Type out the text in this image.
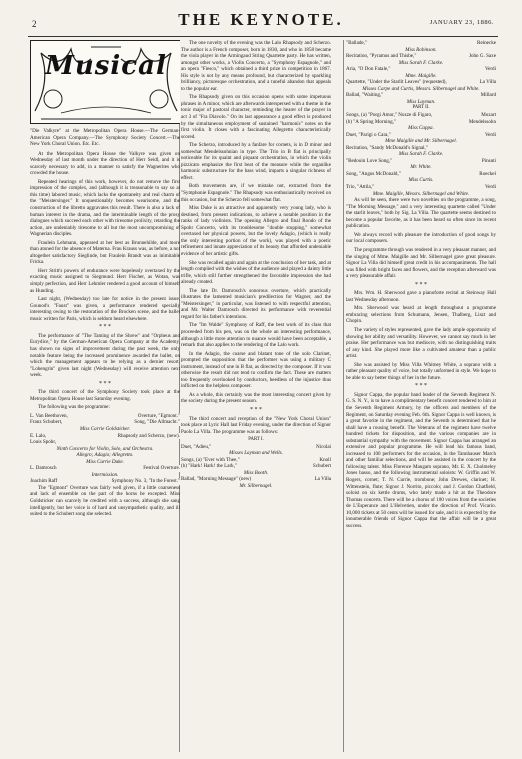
2	THE KEYNOTE.	JANUARY 23, 1886.
Musical

"Die Valkyre" at the Metropolitan Opera House.—The German-American Opera Company.—The Symphony Society Concert.—The New York Choral Union. Etc. Etc.

At the Metropolitan Opera House the Valkyre was given on Wednesday of last month under the direction of Herr Seidl, and it is scarcely necessary to add, in a manner to satisfy the Wagnerites who crowded the house.

Repeated hearings of this work, however, do not remove the first impression of the complex, and (although it is treasonable to say so at this time) labored music, which lacks the spontaneity and real charm of the "Meistersinger." It unquestionably becomes wearisome, and the construction of the libretto aggravates this result. There is also a lack of human interest in the drama, and the interminable length of the prosy dialogues which succeed each other with tiresome prolixity, retarding the action, are undeniably tiresome to all but the most uncompromising of Wagnerian disciples.

Fraulein Lehmann, appeared at her best as Brunnehilde, and more than atoned for the absence of Materna. Frau Krauss was, as before, a not altogether satisfactory Sieglinde, but Fraulein Brandt was as inimitable Fricka.

Herr Stritt's powers of endurance were hopelessly overtaxed by the exacting music assigned to Siegmund. Herr Fischer, as Wotan, was simply perfection, and Herr Lehmler rendered a good account of himself as Hunding.

Last night, (Wednesday) too late for notice in the present issue, Gounod's "Faust" was given, a performance rendered specially interesting owing to the restoration of the Brocken scene, and the ballet music written for Paris, which is seldom heard elsewhere.

* * *

The performance of "The Taming of the Shrew" and "Orpheus and Eurydice," by the German-American Opera Company at the Academy, has shown no signs of improvement during the past week, the only notable feature being the increased prominence awarded the ballet, on which the management appears to be relying as a dernier resort. "Lohengrin" given last night (Wednesday) will receive attention next week.

* * *

The third concert of the Symphony Society took place at the Metropolitan Opera House last Saturday evening.

The following was the programme:

L. Van Beethoven,	Overture, "Egmont."
Franz Schubert,	Song, "Die Allmacht."
Miss Carrie Goldsticker.
E. Lalo,	Rhapsody and Scherzo, (new).
Louis Spohr,
Ninth Concerto for Violin, Solo, and Orchestra.
Allegro; Adagio; Allegretto.
Miss Currie Duke.
L. Damrosch	Festival Overture.
Intermission.
Joachim Raff	Symphony No. 3, "In the Forest."

The "Egmont" Overture was fairly well given, if a little coarseness and lack of ensemble on the part of the horns be excepted. Miss Goldsticker can scarcely be credited with a success, although she sang intelligently, but her voice is of hard and unsympathetic quality, and ill suited to the Schubert song she selected.

The one novelty of the evening was the Lalo Rhapsody and Scherzo. The author is a French composer, born in 1830, and who in 1858 became the viola player in the Armingaud String Quartette party. He has written, amongst other works, a Violin Concerto, a "Symphony Espagnole," and an opera "Fiesco," which obtained a third prize in competition in 1867. His style is not by any means profound, but characterized by sparkling brilliancy, picturesque orchestration, and a tuneful abandon that appeals to the popular ear.

The Rhapsody given on this occasion opens with some impetuous phrases in A minor, which are afterwards interspersed with a theme in the tonic major of pastoral character, reminding the hearer of the prayer in act 3 of "Fra Diavolo." On its last appearance a good effect is produced by the simultaneous employment of sustained "harmonic" notes on the first violin. It closes with a fascinating Allegretto characteristically scored.

The Scherzo, introduced by a fanfare for cornets, is in D minor and somewhat Mendelssohnian in type. The Trio in B flat is principally noticeable for its quaint and piquant orchestration, in which the violin pizzicato emphasize the first beat of the measure while the organlike harmonic substructure for the bass wind, imparts a singular richness of effect.

Both movements are, if we mistake not, extracted from the "Symphonie Espagnole." The Rhapsody was enthusiastically received on this occasion, but the Scherzo fell somewhat flat.

Miss Duke is an attractive and apparently very young lady, who is destined, from present indications, to achieve a notable position in the ranks of lady violinists. The opening Allegro and final Rondo of the Spohr Concerto, with its troublesome "double stopping," somewhat overtaxed her physical powers, but the lovely Adagio, (which is really the only interesting portion of the work), was played with a poetic refinement and innate appreciation of its beauty that afforded undeniable evidence of her artistic gifts.

She was recalled again and again at the conclusion of her task, and at length complied with the wishes of the audience and played a dainty little trifle, which still further strengthened the favorable impression she had already created.

The late Dr. Damrosch's sonorous overture, which practically illustrates the lamented musician's predilection for Wagner, and the "Meistersinger," in particular, was listened to with respectful attention, and Mr. Walter Damrosch directed its performance with reverential regard for his father's intentions.

The "Im Walde" Symphony of Raff, the best work of its class that proceeded from his pen, was on the whole an interesting performance, although a little more attention to nuance would have been acceptable, a remark that also applies to the rendering of the Lalo work.

In the Adagio, the coarse and blatant tone of the solo Clarinet, prompted the supposition that the performer was using a military C instrument, instead of one in B flat, as directed by the composer. If it was otherwise the result did not tend to confirm the fact. These are matters too frequently overlooked by conductors, heedless of the injustice thus inflicted on the helpless composer.

As a whole, this certainly was the most interesting concert given by the society during the present season.

* * *

The third concert and reception of the "New York Choral Union" took place at Lyric Hall last Friday evening, under the direction of Signor Paolo La Villa. The programme was as follows:

PART I.
Duet, "Adieu,"	Nicolai
Misses Layman and Wells.
Songs, (a) "Ever with Thee,"	Knoll
(b) "Hark! Hark! the Lark,"	Schubert
Miss Booth.
Ballad, "Morning Message" (new)	La Villa
Mr. Silbernagel.
"Ballade,"	Reinecke
Miss Robinson.
Recitation, "Pyramus and Thisbe,"	John G. Saxe
Miss Sarah F. Clarke.
Aria, "O Don Fatale,"	Verdi
Mme. Maigille.
Quartette, "Under the Starlit Leaves" (requested),	La Villa
Misses Carpe and Curtis, Messrs. Silbernagel and White.
Ballad, "Waiting,"	Millard
Miss Layman.
PART II.
Songs, (a) "Porgi Amor," Nozze di Figaro,	Mozart
(b) "A Spring Morning,"	Mendelssohn
Miss Cappa.
Duet, "Parigi o Cara,"	Verdi
Mme Maigille and Mr. Silbernagel.
Recitation, "Sandy McDonald's Signal,"
Miss Sarah F. Clarke.
"Bedouin Love Song,"	Pinsuti
Mr. White.
Song, "Angus McDonald,"	Roeckel
Miss Curtis.
Trio, "Attila,"	Verdi
Mme. Maigille, Messrs. Silbernagel and White.

As will be seen, there were two novelties on the programme, a song, "The Morning Message," and a very interesting quartette called "Under the starlit leaves," both by Sig. La Villa. The quartette seems destined to become a popular favorite, as it has been heard so often since its recent publication.

We always record with pleasure the introduction of good songs by our local composers.

The programme through was rendered in a very pleasant manner, and the singing of Mme. Maigille and Mr. Silbernagel gave great pleasure. Signor La Villa did himself great credit in his accompaniments. The hall was filled with bright faces and flowers, and the reception afterward was a very pleasurable affair.

* * *

Mrs. Wm. H. Sherwood gave a pianoforte recital at Steinway Hall last Wednesday afternoon.

Mrs. Sherwood was heard at length throughout a programme embracing selections from Schumann, Jensen, Thalberg, Liszt and Chopin.

The variety of styles represented, gave the lady ample opportunity of showing her ability and versatility. However, we cannot say much in her praise. Her performance was but mediocre, with no distinguishing traits of any kind. She played more like a cultivated amateur than a public artist.

She was assisted by Miss Villa Whitney White, a soprano with a rather pleasant quality of voice, but totally unformed in style. We hope to be able to say better things of her in the future.

* * *

Signor Cappa, the popular band leader of the Seventh Regiment N. G. S. N. Y., is to have a complimentary benefit concert tendered to him at the Seventh Regiment Armory, by the officers and members of the Regiment, on Saturday evening Feb. 6th. Signor Cappa is well known, is a great favorite in the regiment, and the Seventh is determined that he shall have a rousing benefit. The Veterans of the regiment have twelve hundred tickets for disposition, and the various companies are in substantial sympathy with the movement. Signor Cappa has arranged an extensive and popular programme. He will lead his famous band, increased to 100 performers for the occasion, in the Tannhauser March and other familiar selections, and will be assisted in the concert by the following talent. Miss Florence Mangam soprano, Mr. E. X. Cholmeley Jones basso, and the following instrumental soloists: W. Griffin and W. Rogers, cornet; T. N. Currie, trombone; John Drewes, clarinet; H. Wittenstein, flute; Signor J. Norrito, piccolo; and J. Gordon Chatfield, soloist on six kettle drums, who lately made a hit at the Theodore Thomas concerts. There will be a chorus of 100 voices from the societies de L'Esperance and L'Helvetien, under the direction of Prof. Vicario. 10,000 tickets at 50 cents will be issued for sale, and it is expected by the innumerable friends of Signor Cappa that the affair will be a great success.
